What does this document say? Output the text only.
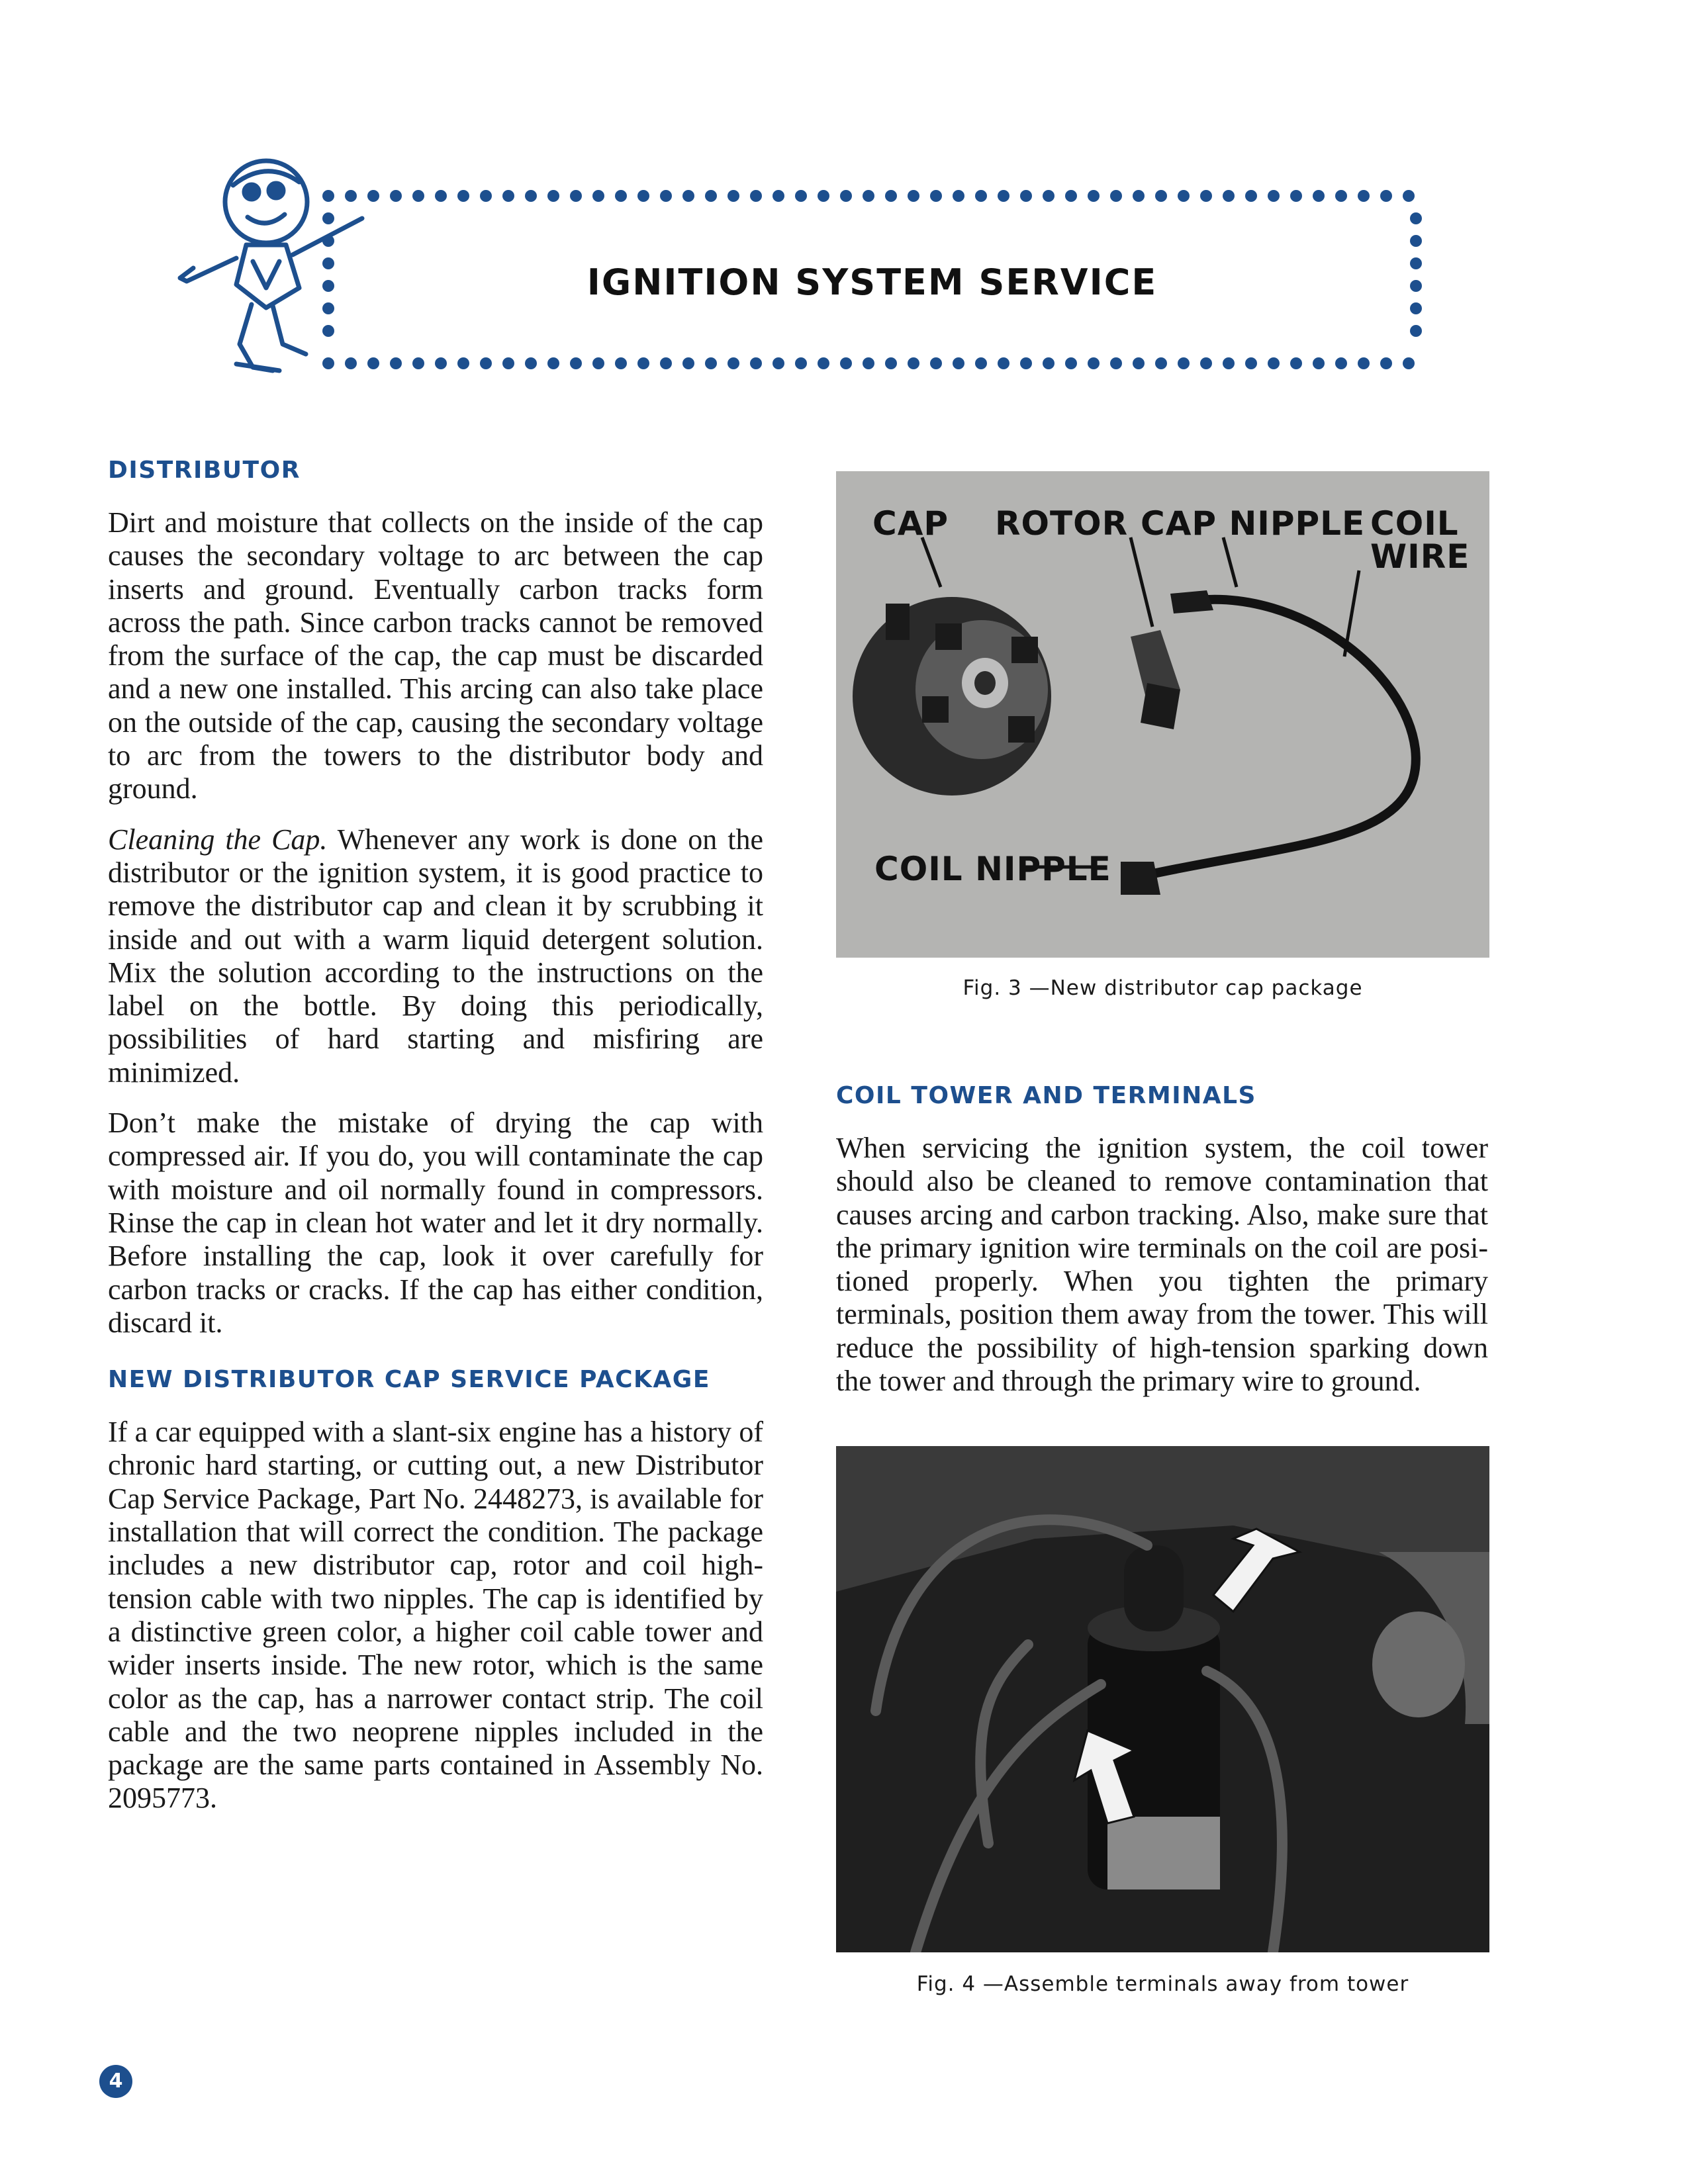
IGNITION SYSTEM SERVICE
DISTRIBUTOR

Dirt and moisture that collects on the inside of the cap causes the secondary voltage to arc between the cap inserts and ground. Eventually carbon tracks form across the path. Since carbon tracks cannot be removed from the surface of the cap, the cap must be discarded and a new one installed. This arcing can also take place on the outside of the cap, causing the secondary voltage to arc from the towers to the distributor body and ground.

Cleaning the Cap. Whenever any work is done on the distributor or the ignition system, it is good practice to remove the distributor cap and clean it by scrubbing it inside and out with a warm liquid detergent solution. Mix the solution according to the instructions on the label on the bottle. By doing this periodically, possibilities of hard starting and misfiring are minimized.

Don’t make the mistake of drying the cap with compressed air. If you do, you will contaminate the cap with moisture and oil normally found in compressors. Rinse the cap in clean hot water and let it dry normally. Before installing the cap, look it over carefully for carbon tracks or cracks. If the cap has either condition, discard it.

NEW DISTRIBUTOR CAP SERVICE PACKAGE

If a car equipped with a slant-six engine has a history of chronic hard starting, or cutting out, a new Distributor Cap Service Package, Part No. 2448273, is available for installation that will correct the condition. The package includes a new distributor cap, rotor and coil high-tension cable with two nipples. The cap is identified by a distinctive green color, a higher coil cable tower and wider inserts inside. The new rotor, which is the same color as the cap, has a narrower contact strip. The coil cable and the two neoprene nipples included in the package are the same parts contained in Assembly No. 2095773.

CAP ROTOR CAP NIPPLE COIL
WIRE
COIL NIPPLE
Fig. 3 —New distributor cap package
COIL TOWER AND TERMINALS

When servicing the ignition system, the coil tower should also be cleaned to remove contamination that causes arcing and carbon tracking. Also, make sure that the primary ignition wire terminals on the coil are positioned properly. When you tighten the primary terminals, position them away from the tower. This will reduce the possibility of high-tension sparking down the tower and through the primary wire to ground.

Fig. 4 —Assemble terminals away from tower
4
